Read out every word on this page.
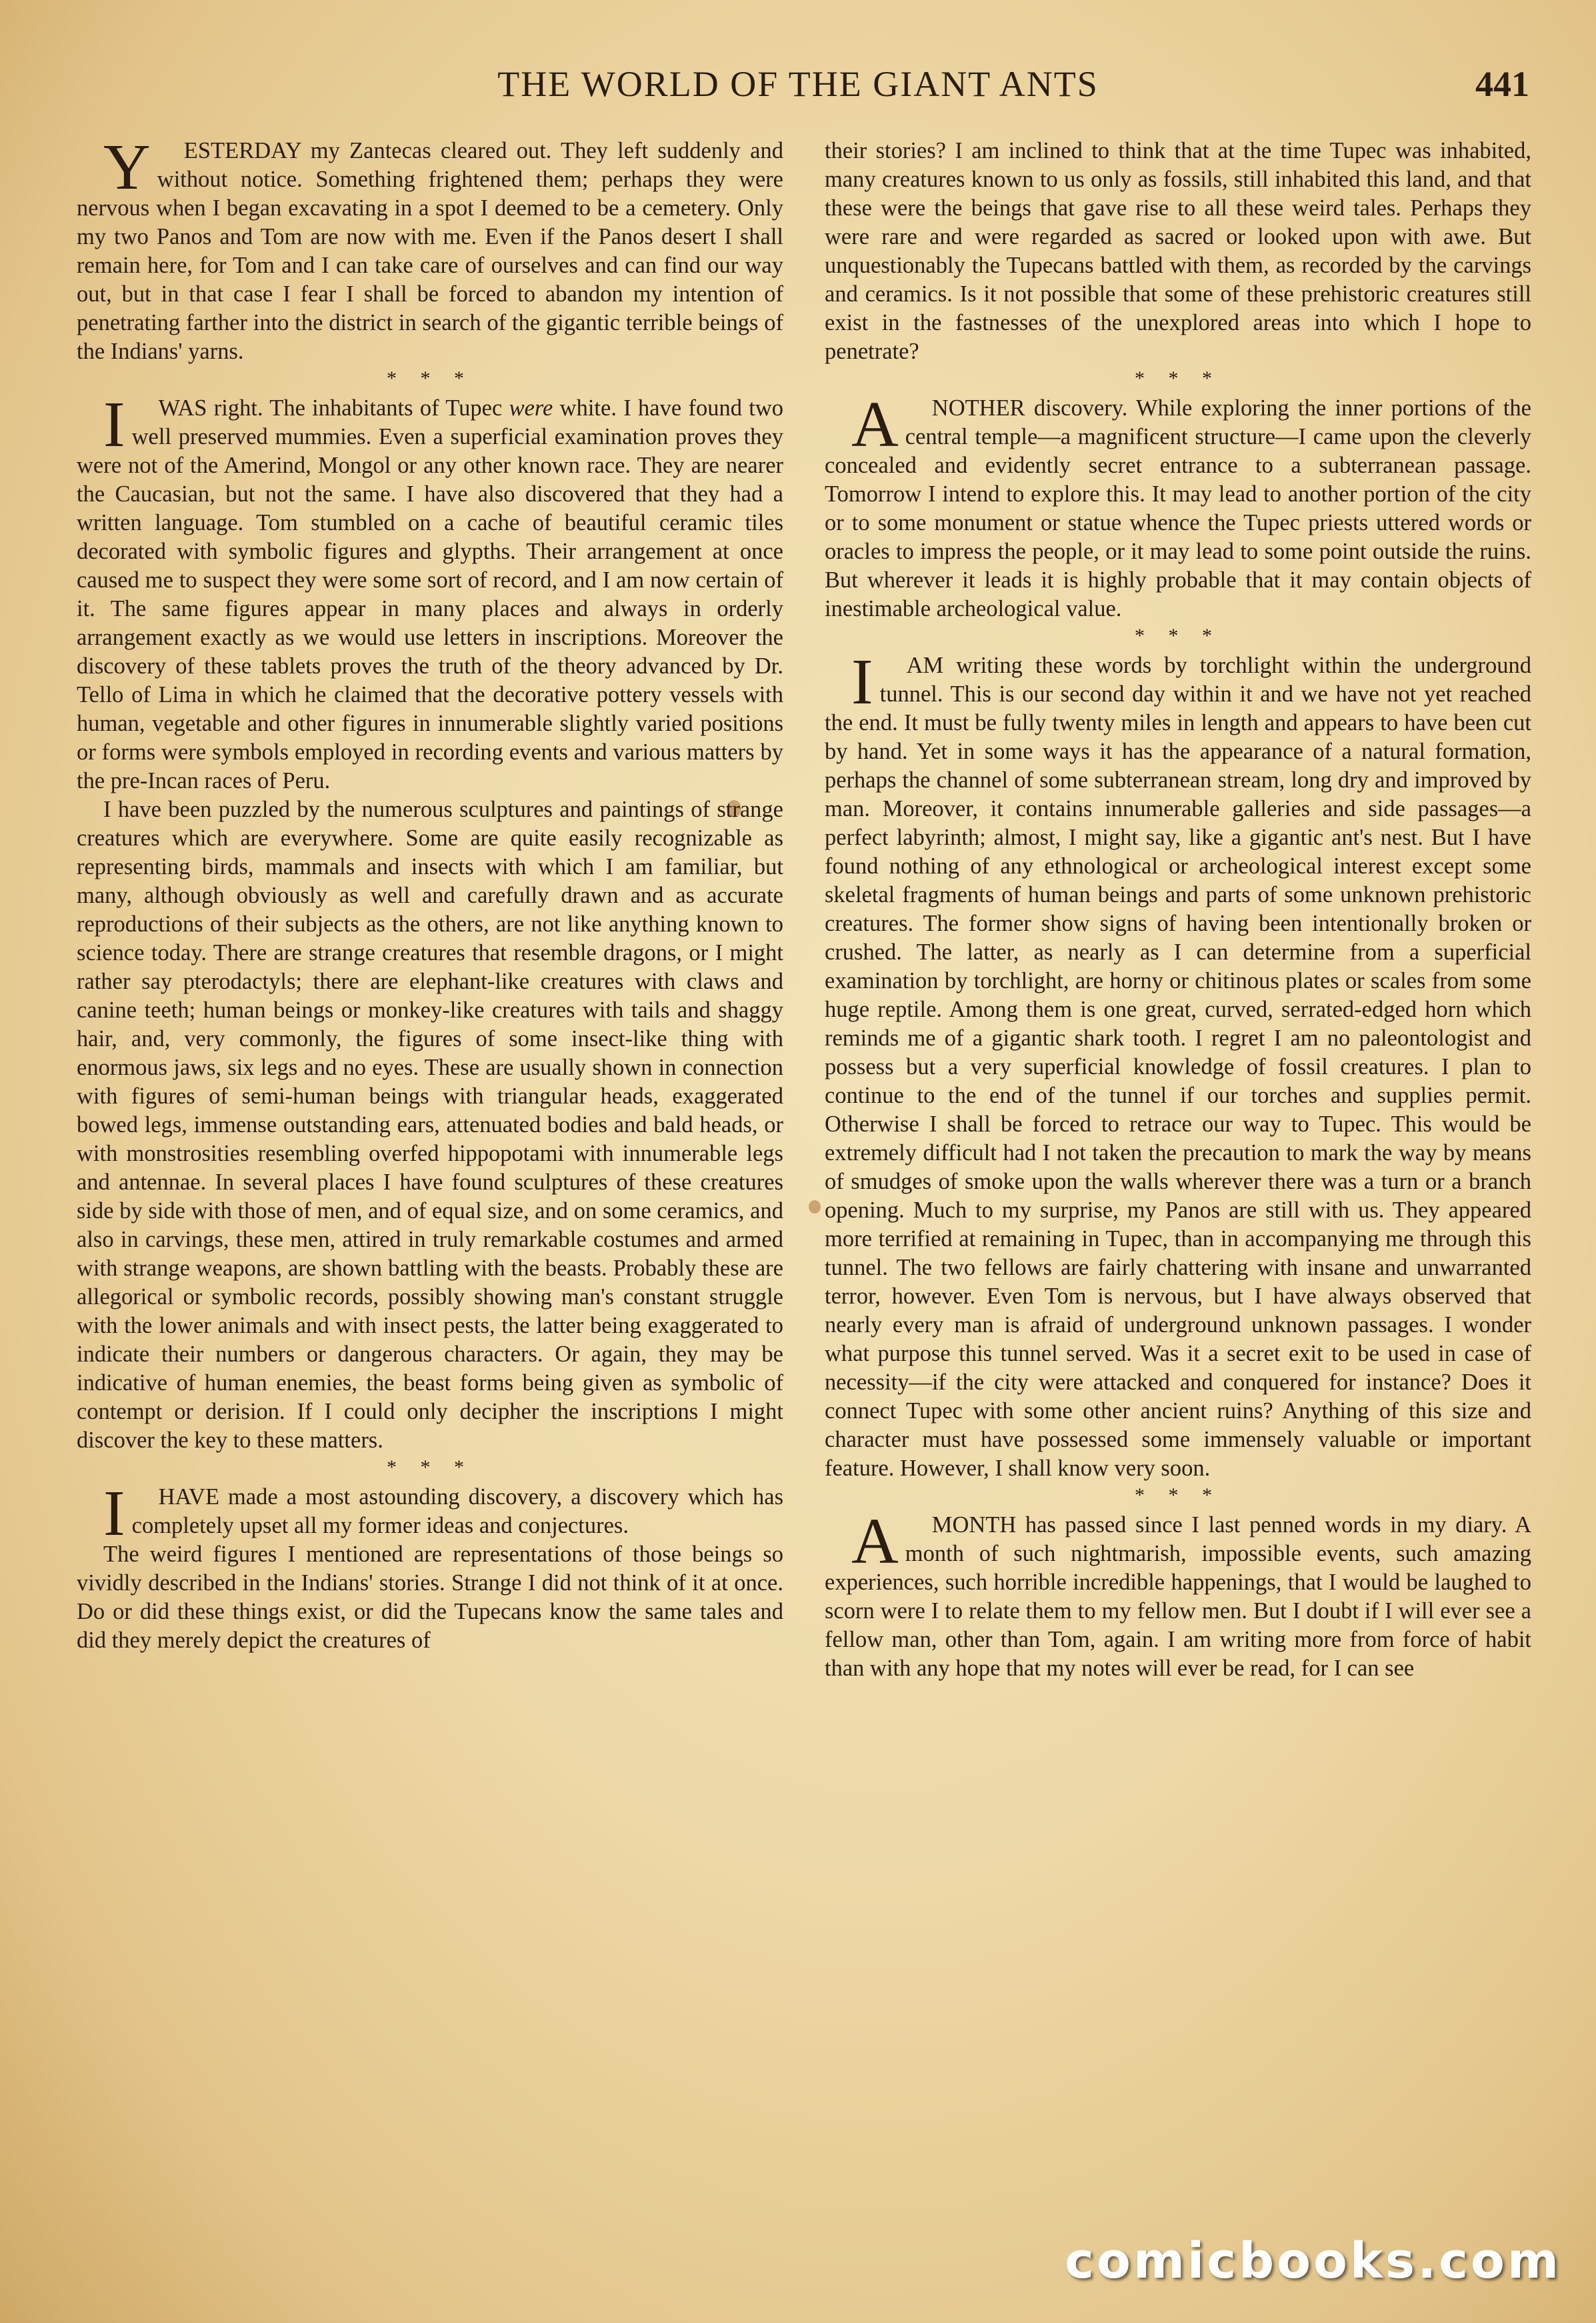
THE WORLD OF THE GIANT ANTS	441

Y ESTERDAY my Zantecas cleared out. They left suddenly and without notice. Something frightened them; perhaps they were nervous when I began excavating in a spot I deemed to be a cemetery. Only my two Panos and Tom are now with me. Even if the Panos desert I shall remain here, for Tom and I can take care of ourselves and can find our way out, but in that case I fear I shall be forced to abandon my intention of penetrating farther into the district in search of the gigantic terrible beings of the Indians' yarns.

* * *

I WAS right. The inhabitants of Tupec were white. I have found two well preserved mummies. Even a superficial examination proves they were not of the Amerind, Mongol or any other known race. They are nearer the Caucasian, but not the same. I have also discovered that they had a written language. Tom stumbled on a cache of beautiful ceramic tiles decorated with symbolic figures and glypths. Their arrangement at once caused me to suspect they were some sort of record, and I am now certain of it. The same figures appear in many places and always in orderly arrangement exactly as we would use letters in inscriptions. Moreover the discovery of these tablets proves the truth of the theory advanced by Dr. Tello of Lima in which he claimed that the decorative pottery vessels with human, vegetable and other figures in innumerable slightly varied positions or forms were symbols employed in recording events and various matters by the pre-Incan races of Peru.

I have been puzzled by the numerous sculptures and paintings of strange creatures which are everywhere. Some are quite easily recognizable as representing birds, mammals and insects with which I am familiar, but many, although obviously as well and carefully drawn and as accurate reproductions of their subjects as the others, are not like anything known to science today. There are strange creatures that resemble dragons, or I might rather say pterodactyls; there are elephant-like creatures with claws and canine teeth; human beings or monkey-like creatures with tails and shaggy hair, and, very commonly, the figures of some insect-like thing with enormous jaws, six legs and no eyes. These are usually shown in connection with figures of semi-human beings with triangular heads, exaggerated bowed legs, immense outstanding ears, attenuated bodies and bald heads, or with monstrosities resembling overfed hippopotami with innumerable legs and antennae. In several places I have found sculptures of these creatures side by side with those of men, and of equal size, and on some ceramics, and also in carvings, these men, attired in truly remarkable costumes and armed with strange weapons, are shown battling with the beasts. Probably these are allegorical or symbolic records, possibly showing man's constant struggle with the lower animals and with insect pests, the latter being exaggerated to indicate their numbers or dangerous characters. Or again, they may be indicative of human enemies, the beast forms being given as symbolic of contempt or derision. If I could only decipher the inscriptions I might discover the key to these matters.

* * *

I HAVE made a most astounding discovery, a discovery which has completely upset all my former ideas and conjectures.

The weird figures I mentioned are representations of those beings so vividly described in the Indians' stories. Strange I did not think of it at once. Do or did these things exist, or did the Tupecans know the same tales and did they merely depict the creatures of

their stories? I am inclined to think that at the time Tupec was inhabited, many creatures known to us only as fossils, still inhabited this land, and that these were the beings that gave rise to all these weird tales. Perhaps they were rare and were regarded as sacred or looked upon with awe. But unquestionably the Tupecans battled with them, as recorded by the carvings and ceramics. Is it not possible that some of these prehistoric creatures still exist in the fastnesses of the unexplored areas into which I hope to penetrate?

* * *

A NOTHER discovery. While exploring the inner portions of the central temple—a magnificent structure—I came upon the cleverly concealed and evidently secret entrance to a subterranean passage. Tomorrow I intend to explore this. It may lead to another portion of the city or to some monument or statue whence the Tupec priests uttered words or oracles to impress the people, or it may lead to some point outside the ruins. But wherever it leads it is highly probable that it may contain objects of inestimable archeological value.

* * *

I AM writing these words by torchlight within the underground tunnel. This is our second day within it and we have not yet reached the end. It must be fully twenty miles in length and appears to have been cut by hand. Yet in some ways it has the appearance of a natural formation, perhaps the channel of some subterranean stream, long dry and improved by man. Moreover, it contains innumerable galleries and side passages—a perfect labyrinth; almost, I might say, like a gigantic ant's nest. But I have found nothing of any ethnological or archeological interest except some skeletal fragments of human beings and parts of some unknown prehistoric creatures. The former show signs of having been intentionally broken or crushed. The latter, as nearly as I can determine from a superficial examination by torchlight, are horny or chitinous plates or scales from some huge reptile. Among them is one great, curved, serrated-edged horn which reminds me of a gigantic shark tooth. I regret I am no paleontologist and possess but a very superficial knowledge of fossil creatures. I plan to continue to the end of the tunnel if our torches and supplies permit. Otherwise I shall be forced to retrace our way to Tupec. This would be extremely difficult had I not taken the precaution to mark the way by means of smudges of smoke upon the walls wherever there was a turn or a branch opening. Much to my surprise, my Panos are still with us. They appeared more terrified at remaining in Tupec, than in accompanying me through this tunnel. The two fellows are fairly chattering with insane and unwarranted terror, however. Even Tom is nervous, but I have always observed that nearly every man is afraid of underground unknown passages. I wonder what purpose this tunnel served. Was it a secret exit to be used in case of necessity—if the city were attacked and conquered for instance? Does it connect Tupec with some other ancient ruins? Anything of this size and character must have possessed some immensely valuable or important feature. However, I shall know very soon.

* * *

A MONTH has passed since I last penned words in my diary. A month of such nightmarish, impossible events, such amazing experiences, such horrible incredible happenings, that I would be laughed to scorn were I to relate them to my fellow men. But I doubt if I will ever see a fellow man, other than Tom, again. I am writing more from force of habit than with any hope that my notes will ever be read, for I can see

comicbooks.com
